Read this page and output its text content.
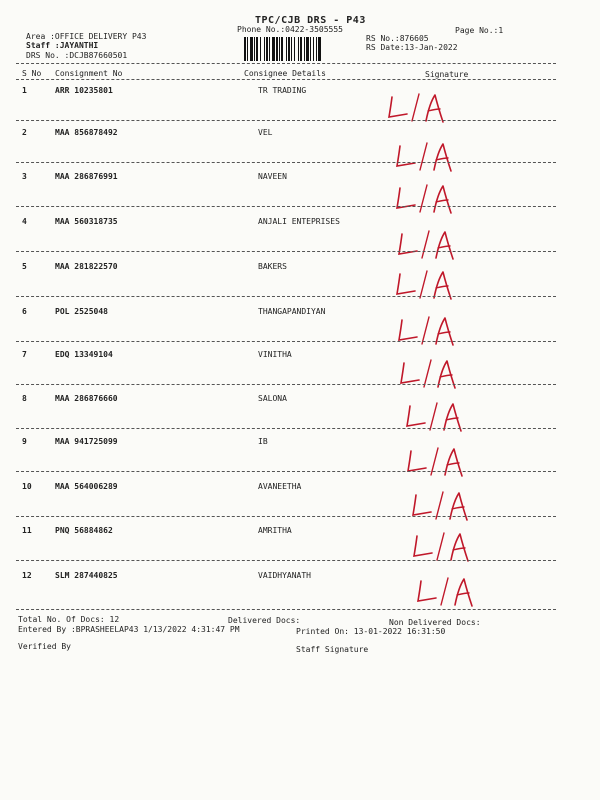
TPC/CJB DRS - P43
Phone No.:0422-3505555	Page No.:1
Area :OFFICE DELIVERY P43
Staff :JAYANTHI
DRS No. :DCJB87660501
RS No.:876605
RS Date:13-Jan-2022
S No Consignment No	Consignee Details	Signature
1	ARR 10235801	TR TRADING
2	MAA 856878492	VEL
3	MAA 286876991	NAVEEN
4	MAA 560318735	ANJALI ENTEPRISES
5	MAA 281822570	BAKERS
6	POL 2525048	THANGAPANDIYAN
7	EDQ 13349104	VINITHA
8	MAA 286876660	SALONA
9	MAA 941725099	IB
10	MAA 564006289	AVANEETHA
11	PNQ 56884862	AMRITHA
12	SLM 287440825	VAIDHYANATH
Total No. Of Docs: 12	Delivered Docs:	Non Delivered Docs:
Entered By :BPRASHEELAP43 1/13/2022 4:31:47 PM	Printed On: 13-01-2022 16:31:50
Verified By	Staff Signature
